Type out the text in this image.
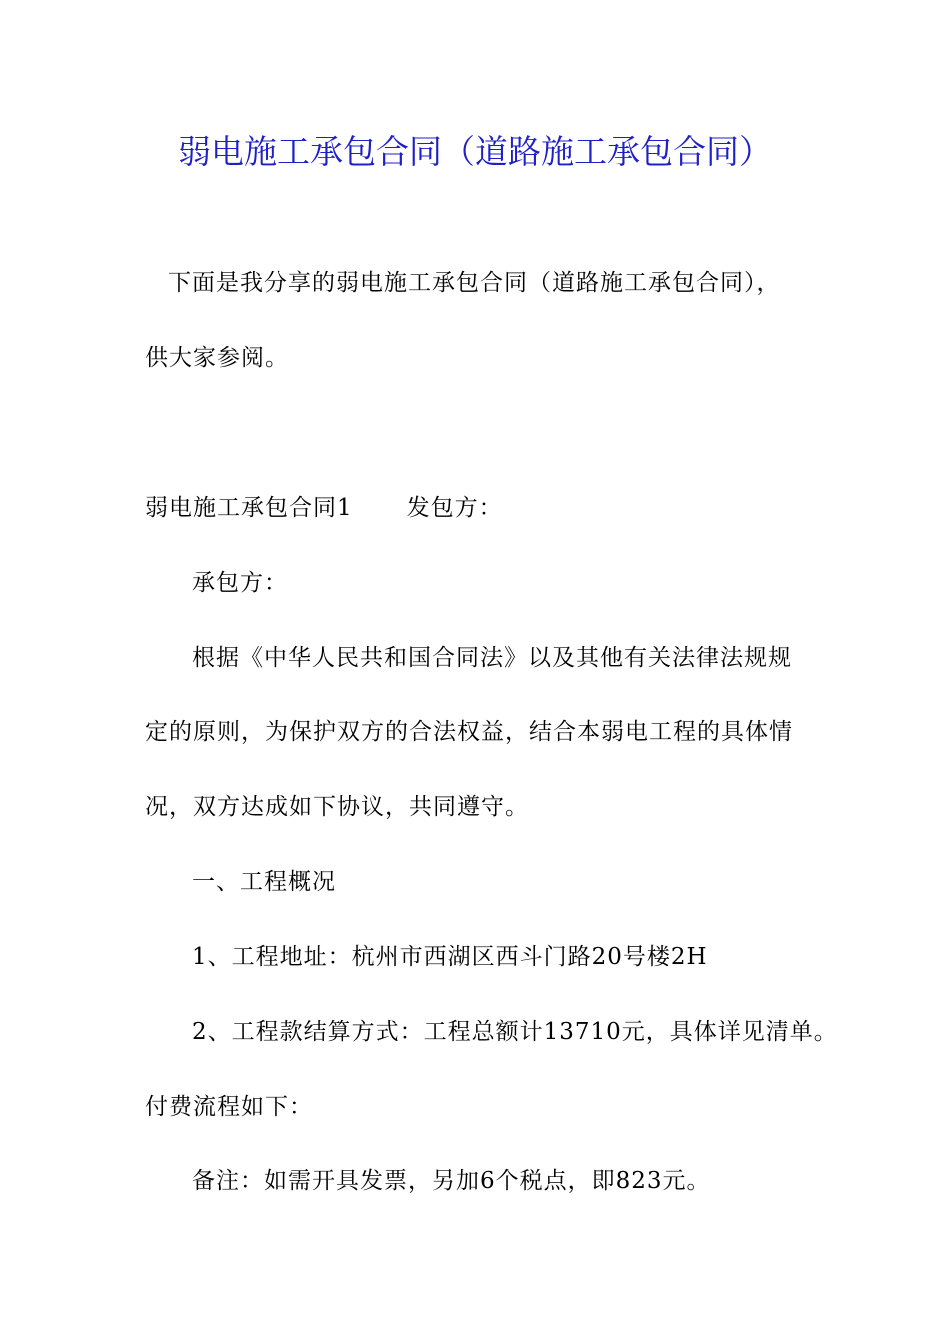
弱电施工承包合同（道路施工承包合同）
下面是我分享的弱电施工承包合同（道路施工承包合同），
供大家参阅。
弱电施工承包合同1 发包方：
承包方：
根据《中华人民共和国合同法》以及其他有关法律法规规
定的原则，为保护双方的合法权益，结合本弱电工程的具体情
况，双方达成如下协议，共同遵守。
一、工程概况
1、工程地址：杭州市西湖区西斗门路20号楼2H
2、工程款结算方式：工程总额计13710元，具体详见清单。
付费流程如下：
备注：如需开具发票，另加6个税点，即823元。
